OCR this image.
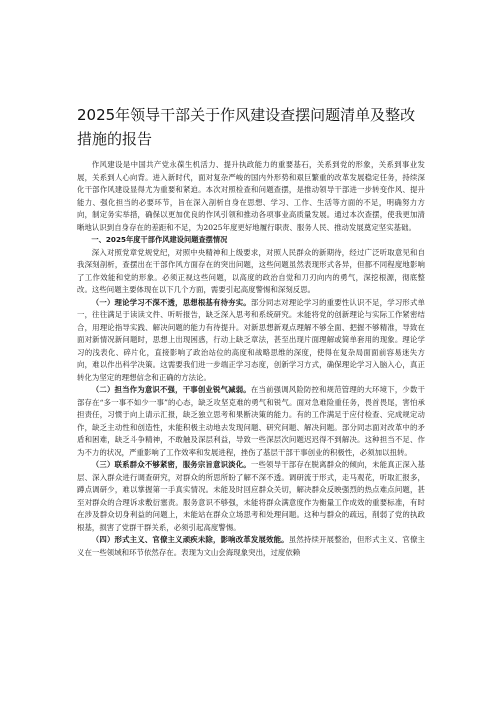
2025年领导干部关于作风建设查摆问题清单及整改措施的报告

作风建设是中国共产党永葆生机活力、提升执政能力的重要基石，关系到党的形象，关系到事业发展，关系到人心向背。进入新时代，面对复杂严峻的国内外形势和艰巨繁重的改革发展稳定任务，持续深化干部作风建设显得尤为重要和紧迫。本次对照检查和问题查摆，是推动领导干部进一步转变作风、提升能力、强化担当的必要环节，旨在深入剖析自身在思想、学习、工作、生活等方面的不足，明确努力方向，制定务实举措，确保以更加优良的作风引领和推动各项事业高质量发展。通过本次查摆，使我更加清晰地认识到自身存在的差距和不足，为2025年度更好地履行职责、服务人民、推动发展奠定坚实基础。

一、2025年度干部作风建设问题查摆情况

深入对照党章党规党纪，对照中央精神和上级要求，对照人民群众的新期待，经过广泛听取意见和自我深刻剖析，查摆出在干部作风方面存在的突出问题，这些问题虽然表现形式各异，但都不同程度地影响了工作效能和党的形象。必须正视这些问题，以高度的政治自觉和刀刃向内的勇气，深挖根源，彻底整改。这些问题主要体现在以下几个方面，需要引起高度警惕和深刻反思。

（一）理论学习不深不透，思想根基有待夯实。部分同志对理论学习的重要性认识不足，学习形式单一，往往满足于读读文件、听听报告，缺乏深入思考和系统研究。未能将党的创新理论与实际工作紧密结合，用理论指导实践、解决问题的能力有待提升。对新思想新观点理解不够全面、把握不够精准，导致在面对新情况新问题时，思想上出现困惑，行动上缺乏章法，甚至出现片面理解或简单套用的现象。理论学习的浅表化、碎片化，直接影响了政治站位的高度和战略思维的深度，使得在复杂局面面前容易迷失方向，难以作出科学决策。这需要我们进一步端正学习态度，创新学习方式，确保理论学习入脑入心，真正转化为坚定的理想信念和正确的方法论。

（二）担当作为意识不强，干事创业锐气减弱。在当前强调风险防控和规范管理的大环境下，少数干部存在“多一事不如少一事”的心态，缺乏攻坚克难的勇气和锐气。面对急难险重任务，畏首畏尾，害怕承担责任，习惯于向上请示汇报，缺乏独立思考和果断决策的能力。有的工作满足于应付检查、完成规定动作，缺乏主动性和创造性，未能积极主动地去发现问题、研究问题、解决问题。部分同志面对改革中的矛盾和困难，缺乏斗争精神，不敢触及深层利益，导致一些深层次问题迟迟得不到解决。这种担当不足、作为不力的状况，严重影响了工作效率和发展进程，挫伤了基层干部干事创业的积极性，必须加以扭转。

（三）联系群众不够紧密，服务宗旨意识淡化。一些领导干部存在脱离群众的倾向，未能真正深入基层、深入群众进行调查研究，对群众的所思所盼了解不深不透。调研流于形式，走马观花，听取汇报多，蹲点调研少，难以掌握第一手真实情况。未能及时回应群众关切，解决群众反映强烈的热点难点问题，甚至对群众的合理诉求敷衍塞责。服务意识不够强，未能将群众满意度作为衡量工作成效的重要标准，有时在涉及群众切身利益的问题上，未能站在群众立场思考和处理问题。这种与群众的疏远，削弱了党的执政根基，损害了党群干群关系，必须引起高度警惕。

（四）形式主义、官僚主义顽疾未除，影响改革发展效能。虽然持续开展整治，但形式主义、官僚主义在一些领域和环节依然存在。表现为文山会海现象突出，过度依赖
